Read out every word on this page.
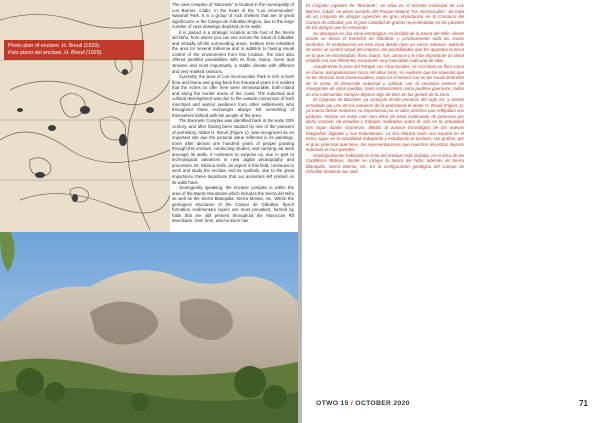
Photo plan of enclave ,H. Breuil (1929).
Foto plano del enclave, H. Breuil (1929).

The cave complex of "Bacinete" is located in the municipality of Los Barrios, Cádiz, in the heart of the "Los Alcornocales" National Park. It is a group of rock shelters that are of great significance in the Campo de Gibraltar Region, due to the large number of cave drawings depicted on its walls.

It is placed in a strategic location at the foot of the Sierra del Niño, from where you can see across the Strait of Gibraltar and virtually all the surrounding areas. Settlers here inhabited the area for several millennia and in addition to having visual control of the environment from this location, the land also offered plentiful possibilities with its flora, fauna, rivers and streams and most importantly, a stable climate with different and very marked seasons.

Currently, the area of Los Alcornocales Park is rich in both flora and fauna and going back five thousand years it is evident that the riches on offer here were immeasurable, both inland and along the border areas of the coast. The industrial and cultural development was due to the outside connection of both merchant and warrior seafarers from other settlements who throughout these exchanges always left something of themselves behind with the people of the area.

The Bacinete Complex was identified back in the early 20th century, and after having been studied by one of the pioneers of prehistory, Abbot H. Breuil (Figure 1), was recognized as an important site due the pictorial value reflected in its paintings. Even after almost one hundred years of people passing through this enclave, conducting studies, and carrying out work amongst its walls, it continues to surprise us, due in part to technological advances in new digital photography and processes. Dr. Mónica Solís, an expert in this field, continues to work and study the enclave and its symbols, due to the great importance these depictions that our ancestors left printed on its walls have.

Geologically speaking, the enclave complex is within the area of the Baetic Mountains which includes the Sierra del Niño as well as the Sierra Blanquilla, Sierra Momia, etc. Within the geological structures of the Campo de Gibraltar, flysch formation sedimentary layers are most prevalent, formed by folds that are still present throughout the Moroccan Rif Mountains. Over time, wind erosion has

El conjunto rupestre de "Bacinete", se sitúa en el término municipal de Los Barrios, Cádiz, en pleno corazón del Parque Natural "los Alcornocales". Se trata de un conjunto de abrigos rupestres de gran importancia en la Comarca del Campo de Gibraltar, por la gran cantidad de grafías representadas en las paredes de los abrigos que lo componen.

Su ubicación es una zona estratégica, en la falda de la Sierra del Niño, desde donde se divisa el Estrecho de Gibraltar, y prácticamente toda las zonas limítrofes. El establecerse en esta zona desde hace ya varios milenios, además de tener un control visual del entorno, las posibilidades que les aportaba la tierra en la que se encontraban, flora, fauna, ríos, arroyos y lo más importante un clima estable con sus diferentes estaciones muy marcadas cada una de ellas.

Actualmente la zona del Parque Los Alcornocales, es rica tanto en flora como en fauna, extrapolémonos cinco mil años atrás, es evidente que las riquezas que se les ofrecían eran inmensurables, tanto en el interior con en las zonas limítrofes de la costa. El desarrollo industrial y cultural, por la conexión exterior de navegantes de otros pueblos, tanto comerciantes como pueblos guerreros, todos en ese intercambio siempre dejaron algo de ellos en las gentes de la zona.

El Conjunto de Bacinete, ya conocido desde primeros del siglo XX, y siendo estudiado por uno de los pioneros de la prehistoria el abate H. Breuil (Figura 1), ya marco desde entonces su importancia por el valor pictórico que reflejaban sus pinturas. Incluso en estos casi cien años de paso continuado de personas por dicho enclave, de estudios y trabajos realizados sobre él, aún en la actualidad nos sigue dando sorpresas, debido al avance tecnológico de las nuevas fotografías digitales y sus tratamientos. La Dra Mónica Solís una experta en el tema, sigue en la actualidad trabajando y estudiando el enclave, sus grafías, por el gran potencial que tiene, las representaciones que nuestros ancestros dejaron impresas en sus paredes.

Geológicamente hablando la zona del enclave está incluida, en el área de las Cordilleras Béticas, donde se incluye la Sierra del Niño, además de Sierra Blanquilla, Sierra Momia, etc. En la configuración geológica del Campo de Gibraltar destacan las sedi-

OTWO 15 / OCTOBER 2020	71
